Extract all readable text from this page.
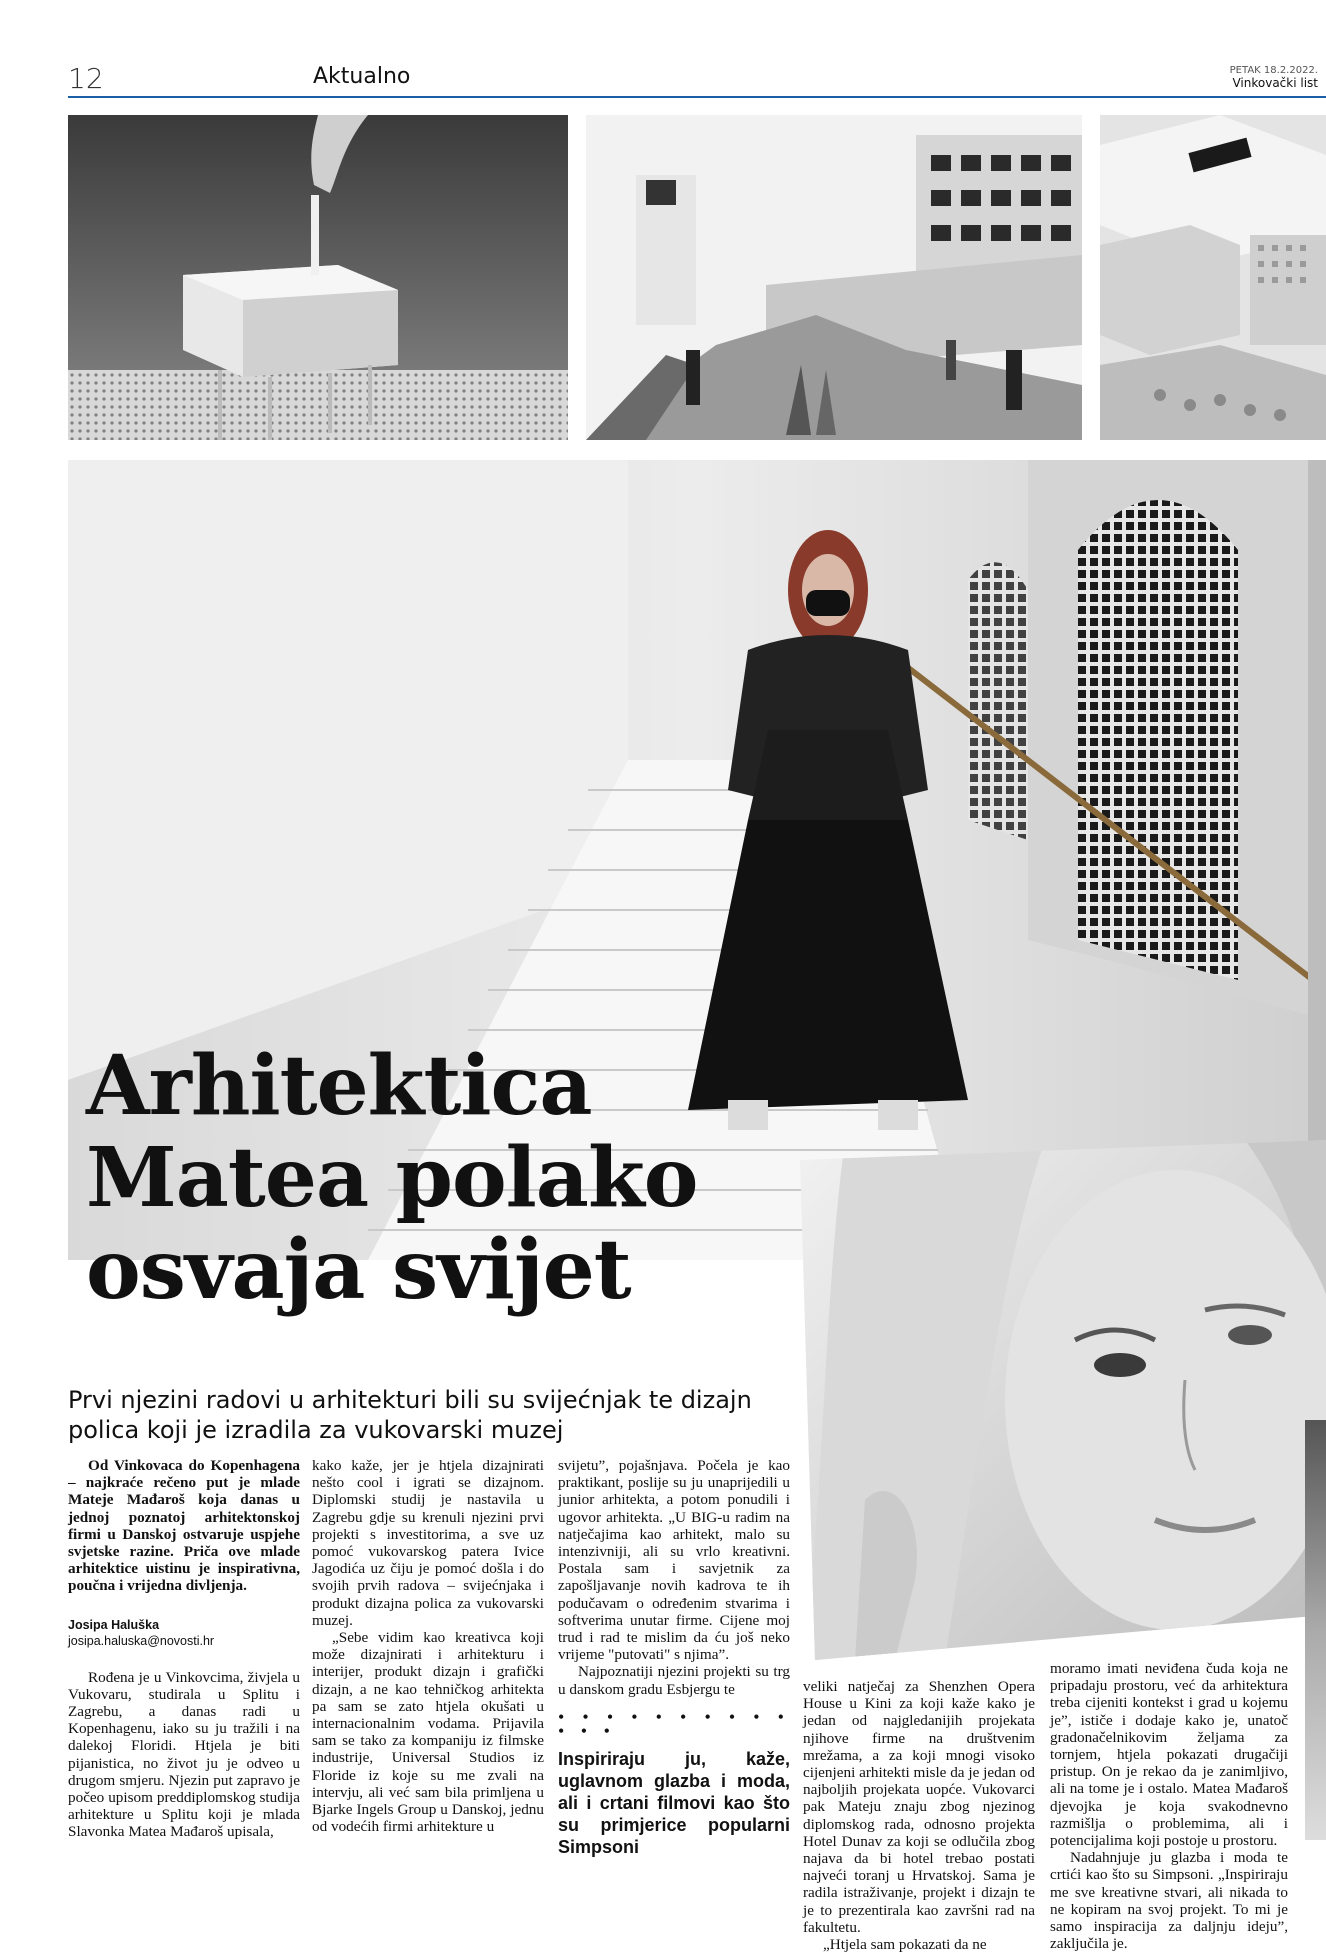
12	Aktualno	PETAK 18.2.2022.
Vinkovački list
Arhitektica
Matea polako
osvaja svijet
Prvi njezini radovi u arhitekturi bili su svijećnjak te dizajn polica koji je izradila za vukovarski muzej

Od Vinkovaca do Kopenhagena – najkraće rečeno put je mlade Mateje Mađaroš koja danas u jednoj poznatoj arhitektonskoj firmi u Danskoj ostvaruje uspjehe svjetske razine. Priča ove mlade arhitektice uistinu je inspirativna, poučna i vrijedna divljenja.

Josipa Haluška

josipa.haluska@novosti.hr

Rođena je u Vinkovcima, živjela u Vukovaru, studirala u Splitu i Zagrebu, a danas radi u Kopenhagenu, iako su ju tražili i na dalekoj Floridi. Htjela je biti pijanistica, no život ju je odveo u drugom smjeru. Njezin put zapravo je počeo upisom preddiplomskog studija arhitekture u Splitu koji je mlada Slavonka Matea Mađaroš upisala,

kako kaže, jer je htjela dizajnirati nešto cool i igrati se dizajnom. Diplomski studij je nastavila u Zagrebu gdje su krenuli njezini prvi projekti s investitorima, a sve uz pomoć vukovarskog patera Ivice Jagodića uz čiju je pomoć došla i do svojih prvih radova – svijećnjaka i produkt dizajna polica za vukovarski muzej.

„Sebe vidim kao kreativca koji može dizajnirati i arhitekturu i interijer, produkt dizajn i grafički dizajn, a ne kao tehničkog arhitekta pa sam se zato htjela okušati u internacionalnim vodama. Prijavila sam se tako za kompaniju iz filmske industrije, Universal Studios iz Floride iz koje su me zvali na intervju, ali već sam bila primljena u Bjarke Ingels Group u Danskoj, jednu od vodećih firmi arhitekture u

svijetu”, pojašnjava. Počela je kao praktikant, poslije su ju unaprijedili u junior arhitekta, a potom ponudili i ugovor arhitekta. „U BIG-u radim na natječajima kao arhitekt, malo su intenzivniji, ali su vrlo kreativni. Postala sam i savjetnik za zapošljavanje novih kadrova te ih podučavam o određenim stvarima i softverima unutar firme. Cijene moj trud i rad te mislim da ću još neko vrijeme "putovati" s njima”.

Najpoznatiji njezini projekti su trg u danskom gradu Esbjergu te

• • • • • • • • • • • • •
Inspiriraju ju, kaže, uglavnom glazba i moda, ali i crtani filmovi kao što su primjerice popularni Simpsoni

veliki natječaj za Shenzhen Opera House u Kini za koji kaže kako je jedan od najgledanijih projekata njihove firme na društvenim mrežama, a za koji mnogi visoko cijenjeni arhitekti misle da je jedan od najboljih projekata uopće. Vukovarci pak Mateju znaju zbog njezinog diplomskog rada, odnosno projekta Hotel Dunav za koji se odlučila zbog najava da bi hotel trebao postati najveći toranj u Hrvatskoj. Sama je radila istraživanje, projekt i dizajn te je to prezentirala kao završni rad na fakultetu.

„Htjela sam pokazati da ne

moramo imati neviđena čuda koja ne pripadaju prostoru, već da arhitektura treba cijeniti kontekst i grad u kojemu je”, ističe i dodaje kako je, unatoč gradonačelnikovim željama za tornjem, htjela pokazati drugačiji pristup. On je rekao da je zanimljivo, ali na tome je i ostalo. Matea Mađaroš djevojka je koja svakodnevno razmišlja o problemima, ali i potencijalima koji postoje u prostoru.

Nadahnjuje ju glazba i moda te crtići kao što su Simpsoni. „Inspiriraju me sve kreativne stvari, ali nikada to ne kopiram na svoj projekt. To mi je samo inspiracija za daljnju ideju”, zaključila je.
